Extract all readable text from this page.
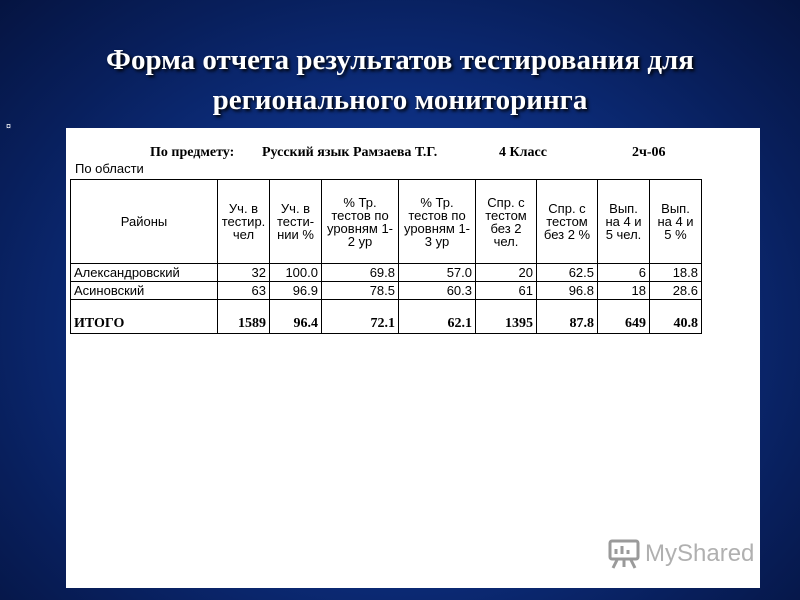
Форма отчета результатов тестирования для
регионального мониторинга
¤
По предмету: Русский язык Рамзаева Т.Г.	4 Класс	2ч-06
По области
Районы	Уч. в тестир. чел	Уч. в тести-нии %	% Тр. тестов по уровням 1-2 ур	% Тр. тестов по уровням 1-3 ур	Спр. с тестом без 2 чел.	Спр. с тестом без 2 %	Вып. на 4 и 5 чел.	Вып. на 4 и 5 %
Александровский	32	100.0	69.8	57.0	20	62.5	6	18.8
Асиновский	63	96.9	78.5	60.3	61	96.8	18	28.6
ИТОГО	1589	96.4	72.1	62.1	1395	87.8	649	40.8
MyShared
